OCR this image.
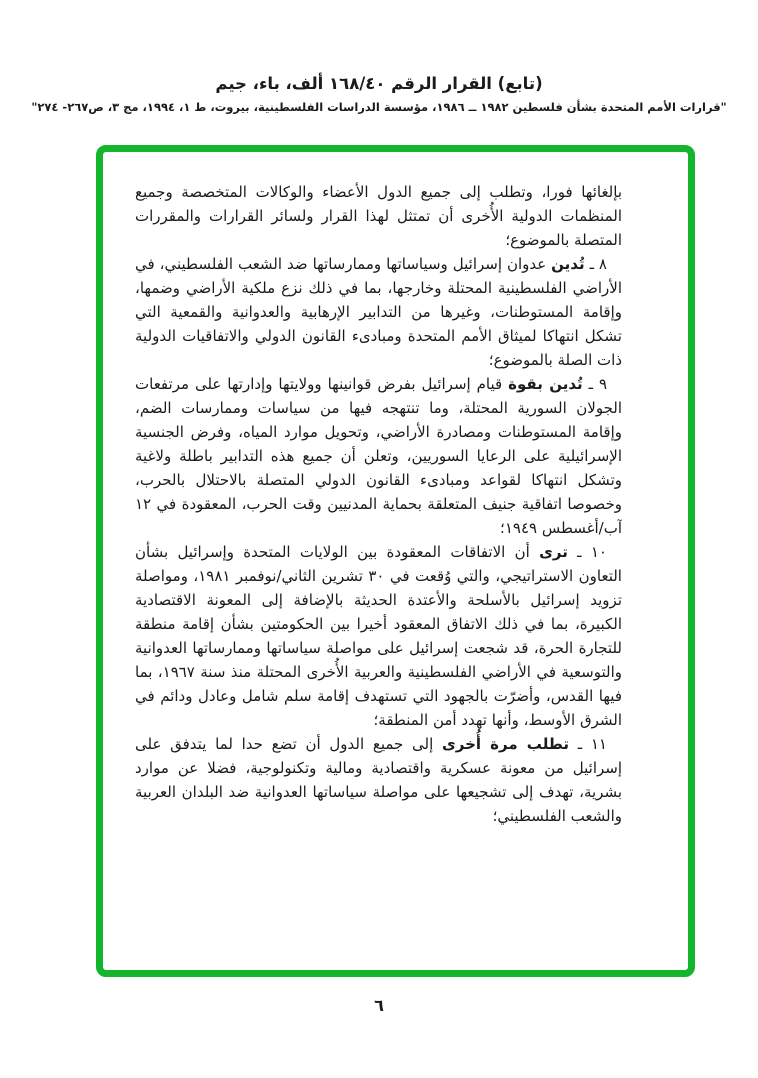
(تابع) القرار الرقم ١٦٨/٤٠ ألف، باء، جيم
"قرارات الأمم المتحدة بشأن فلسطين ١٩٨٢ ــ ١٩٨٦، مؤسسة الدراسات الفلسطينية، بيروت، ط ١، ١٩٩٤، مج ٣، ص٢٦٧- ٢٧٤"

بإلغائها فورا، وتطلب إلى جميع الدول الأعضاء والوكالات المتخصصة وجميع المنظمات الدولية الأُخرى أن تمتثل لهذا القرار ولسائر القرارات والمقررات المتصلة بالموضوع؛

٨ ـ تُدين عدوان إسرائيل وسياساتها وممارساتها ضد الشعب الفلسطيني، في الأراضي الفلسطينية المحتلة وخارجها، بما في ذلك نزع ملكية الأراضي وضمها، وإقامة المستوطنات، وغيرها من التدابير الإرهابية والعدوانية والقمعية التي تشكل انتهاكا لميثاق الأمم المتحدة ومبادىء القانون الدولي والاتفاقيات الدولية ذات الصلة بالموضوع؛

٩ ـ تُدين بقوة قيام إسرائيل بفرض قوانينها وولايتها وإدارتها على مرتفعات الجولان السورية المحتلة، وما تنتهجه فيها من سياسات وممارسات الضم، وإقامة المستوطنات ومصادرة الأراضي، وتحويل موارد المياه، وفرض الجنسية الإسرائيلية على الرعايا السوريين، وتعلن أن جميع هذه التدابير باطلة ولاغية وتشكل انتهاكا لقواعد ومبادىء القانون الدولي المتصلة بالاحتلال بالحرب، وخصوصا اتفاقية جنيف المتعلقة بحماية المدنيين وقت الحرب، المعقودة في ١٢ آب/أغسطس ١٩٤٩؛

١٠ ـ ترى أن الاتفاقات المعقودة بين الولايات المتحدة وإسرائيل بشأن التعاون الاستراتيجي، والتي وُقعت في ٣٠ تشرين الثاني/نوفمبر ١٩٨١، ومواصلة تزويد إسرائيل بالأسلحة والأعتدة الحديثة بالإضافة إلى المعونة الاقتصادية الكبيرة، بما في ذلك الاتفاق المعقود أخيرا بين الحكومتين بشأن إقامة منطقة للتجارة الحرة، قد شجعت إسرائيل على مواصلة سياساتها وممارساتها العدوانية والتوسعية في الأراضي الفلسطينية والعربية الأُخرى المحتلة منذ سنة ١٩٦٧، بما فيها القدس، وأضرّت بالجهود التي تستهدف إقامة سلم شامل وعادل ودائم في الشرق الأوسط، وأنها تهدد أمن المنطقة؛

١١ ـ تطلب مرة أُخرى إلى جميع الدول أن تضع حدا لما يتدفق على إسرائيل من معونة عسكرية واقتصادية ومالية وتكنولوجية، فضلا عن موارد بشرية، تهدف إلى تشجيعها على مواصلة سياساتها العدوانية ضد البلدان العربية والشعب الفلسطيني؛

٦
